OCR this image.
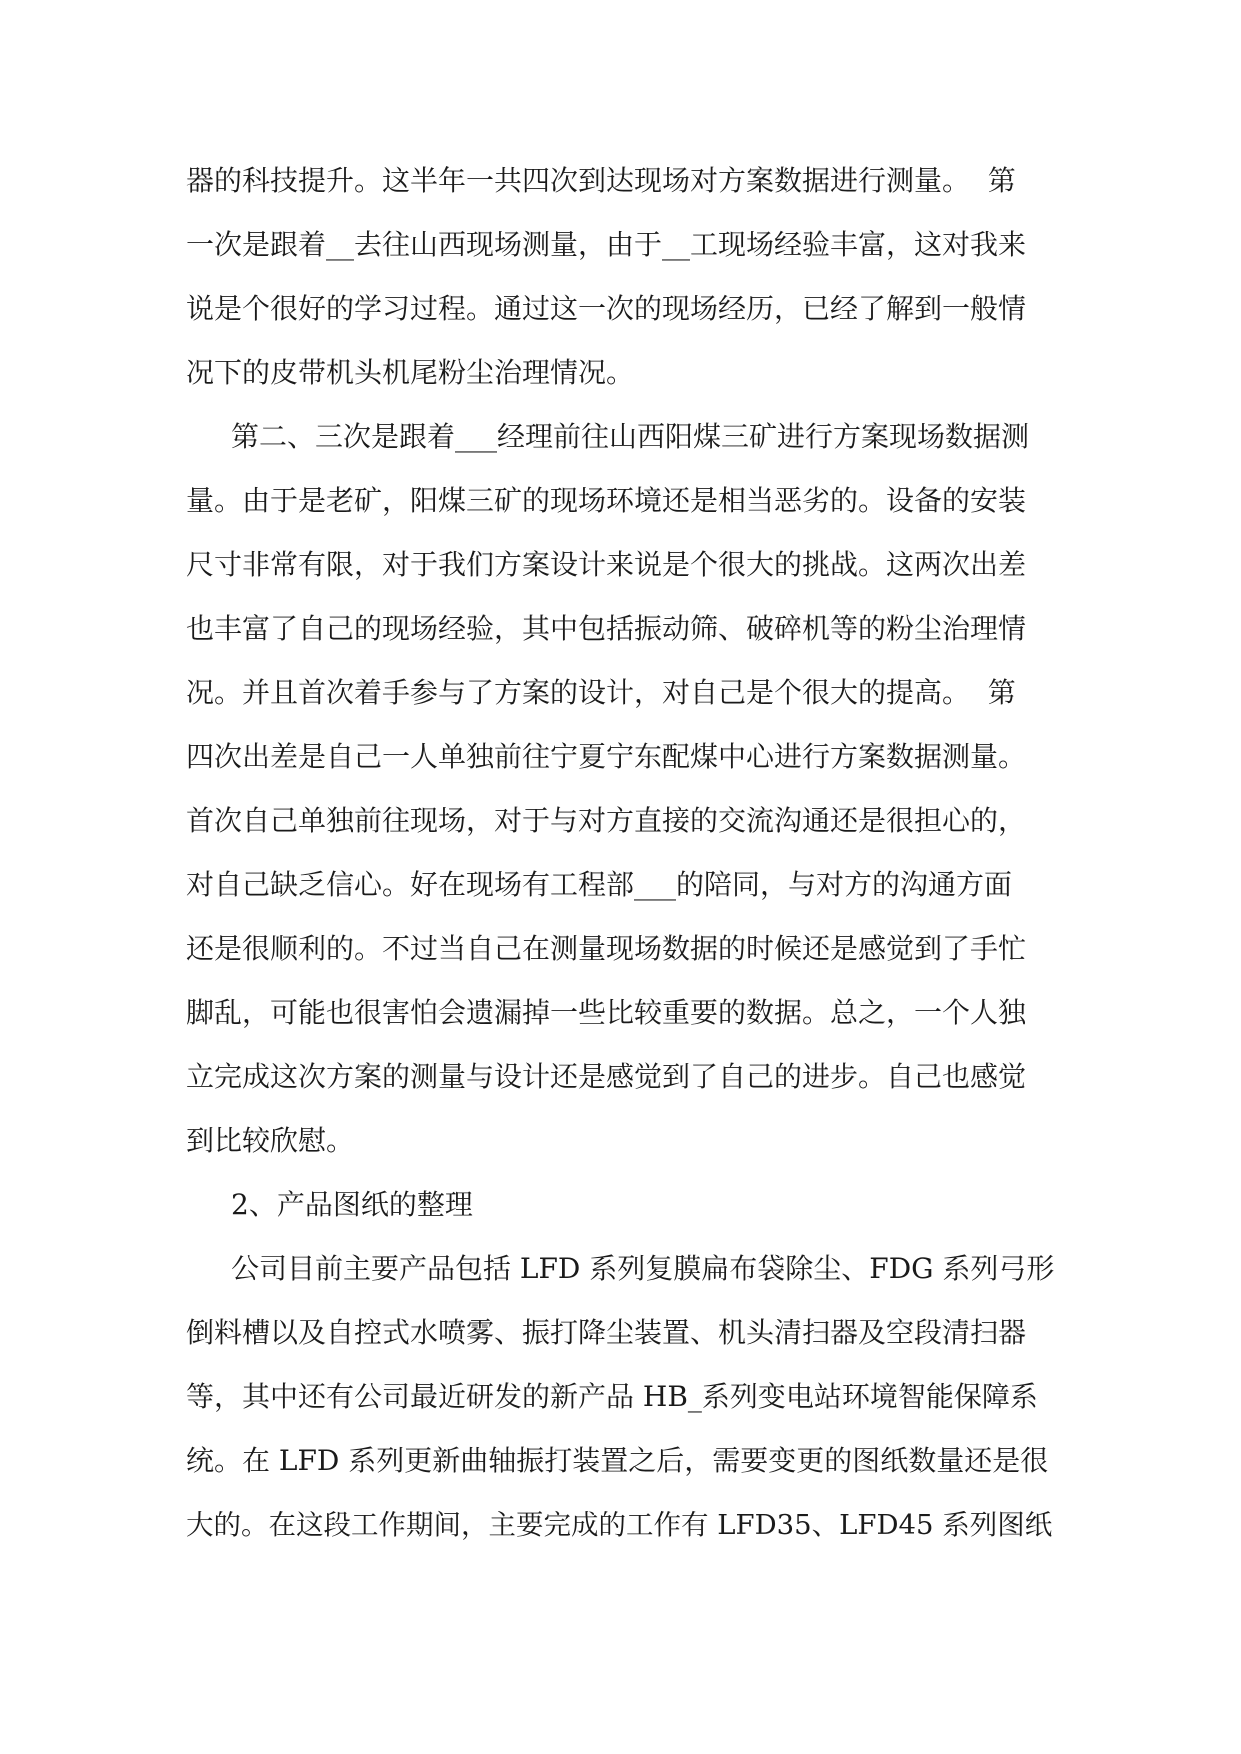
器的科技提升。这半年一共四次到达现场对方案数据进行测量。  第
一次是跟着__去往山西现场测量，由于__工现场经验丰富，这对我来
说是个很好的学习过程。通过这一次的现场经历，已经了解到一般情
况下的皮带机头机尾粉尘治理情况。
第二、三次是跟着___经理前往山西阳煤三矿进行方案现场数据测
量。由于是老矿，阳煤三矿的现场环境还是相当恶劣的。设备的安装
尺寸非常有限，对于我们方案设计来说是个很大的挑战。这两次出差
也丰富了自己的现场经验，其中包括振动筛、破碎机等的粉尘治理情
况。并且首次着手参与了方案的设计，对自己是个很大的提高。  第
四次出差是自己一人单独前往宁夏宁东配煤中心进行方案数据测量。
首次自己单独前往现场，对于与对方直接的交流沟通还是很担心的，
对自己缺乏信心。好在现场有工程部___的陪同，与对方的沟通方面
还是很顺利的。不过当自己在测量现场数据的时候还是感觉到了手忙
脚乱，可能也很害怕会遗漏掉一些比较重要的数据。总之，一个人独
立完成这次方案的测量与设计还是感觉到了自己的进步。自己也感觉
到比较欣慰。
2、产品图纸的整理
公司目前主要产品包括 LFD 系列复膜扁布袋除尘、FDG 系列弓形
倒料槽以及自控式水喷雾、振打降尘装置、机头清扫器及空段清扫器
等，其中还有公司最近研发的新产品 HB_系列变电站环境智能保障系
统。在 LFD 系列更新曲轴振打装置之后，需要变更的图纸数量还是很
大的。在这段工作期间，主要完成的工作有 LFD35、LFD45 系列图纸
